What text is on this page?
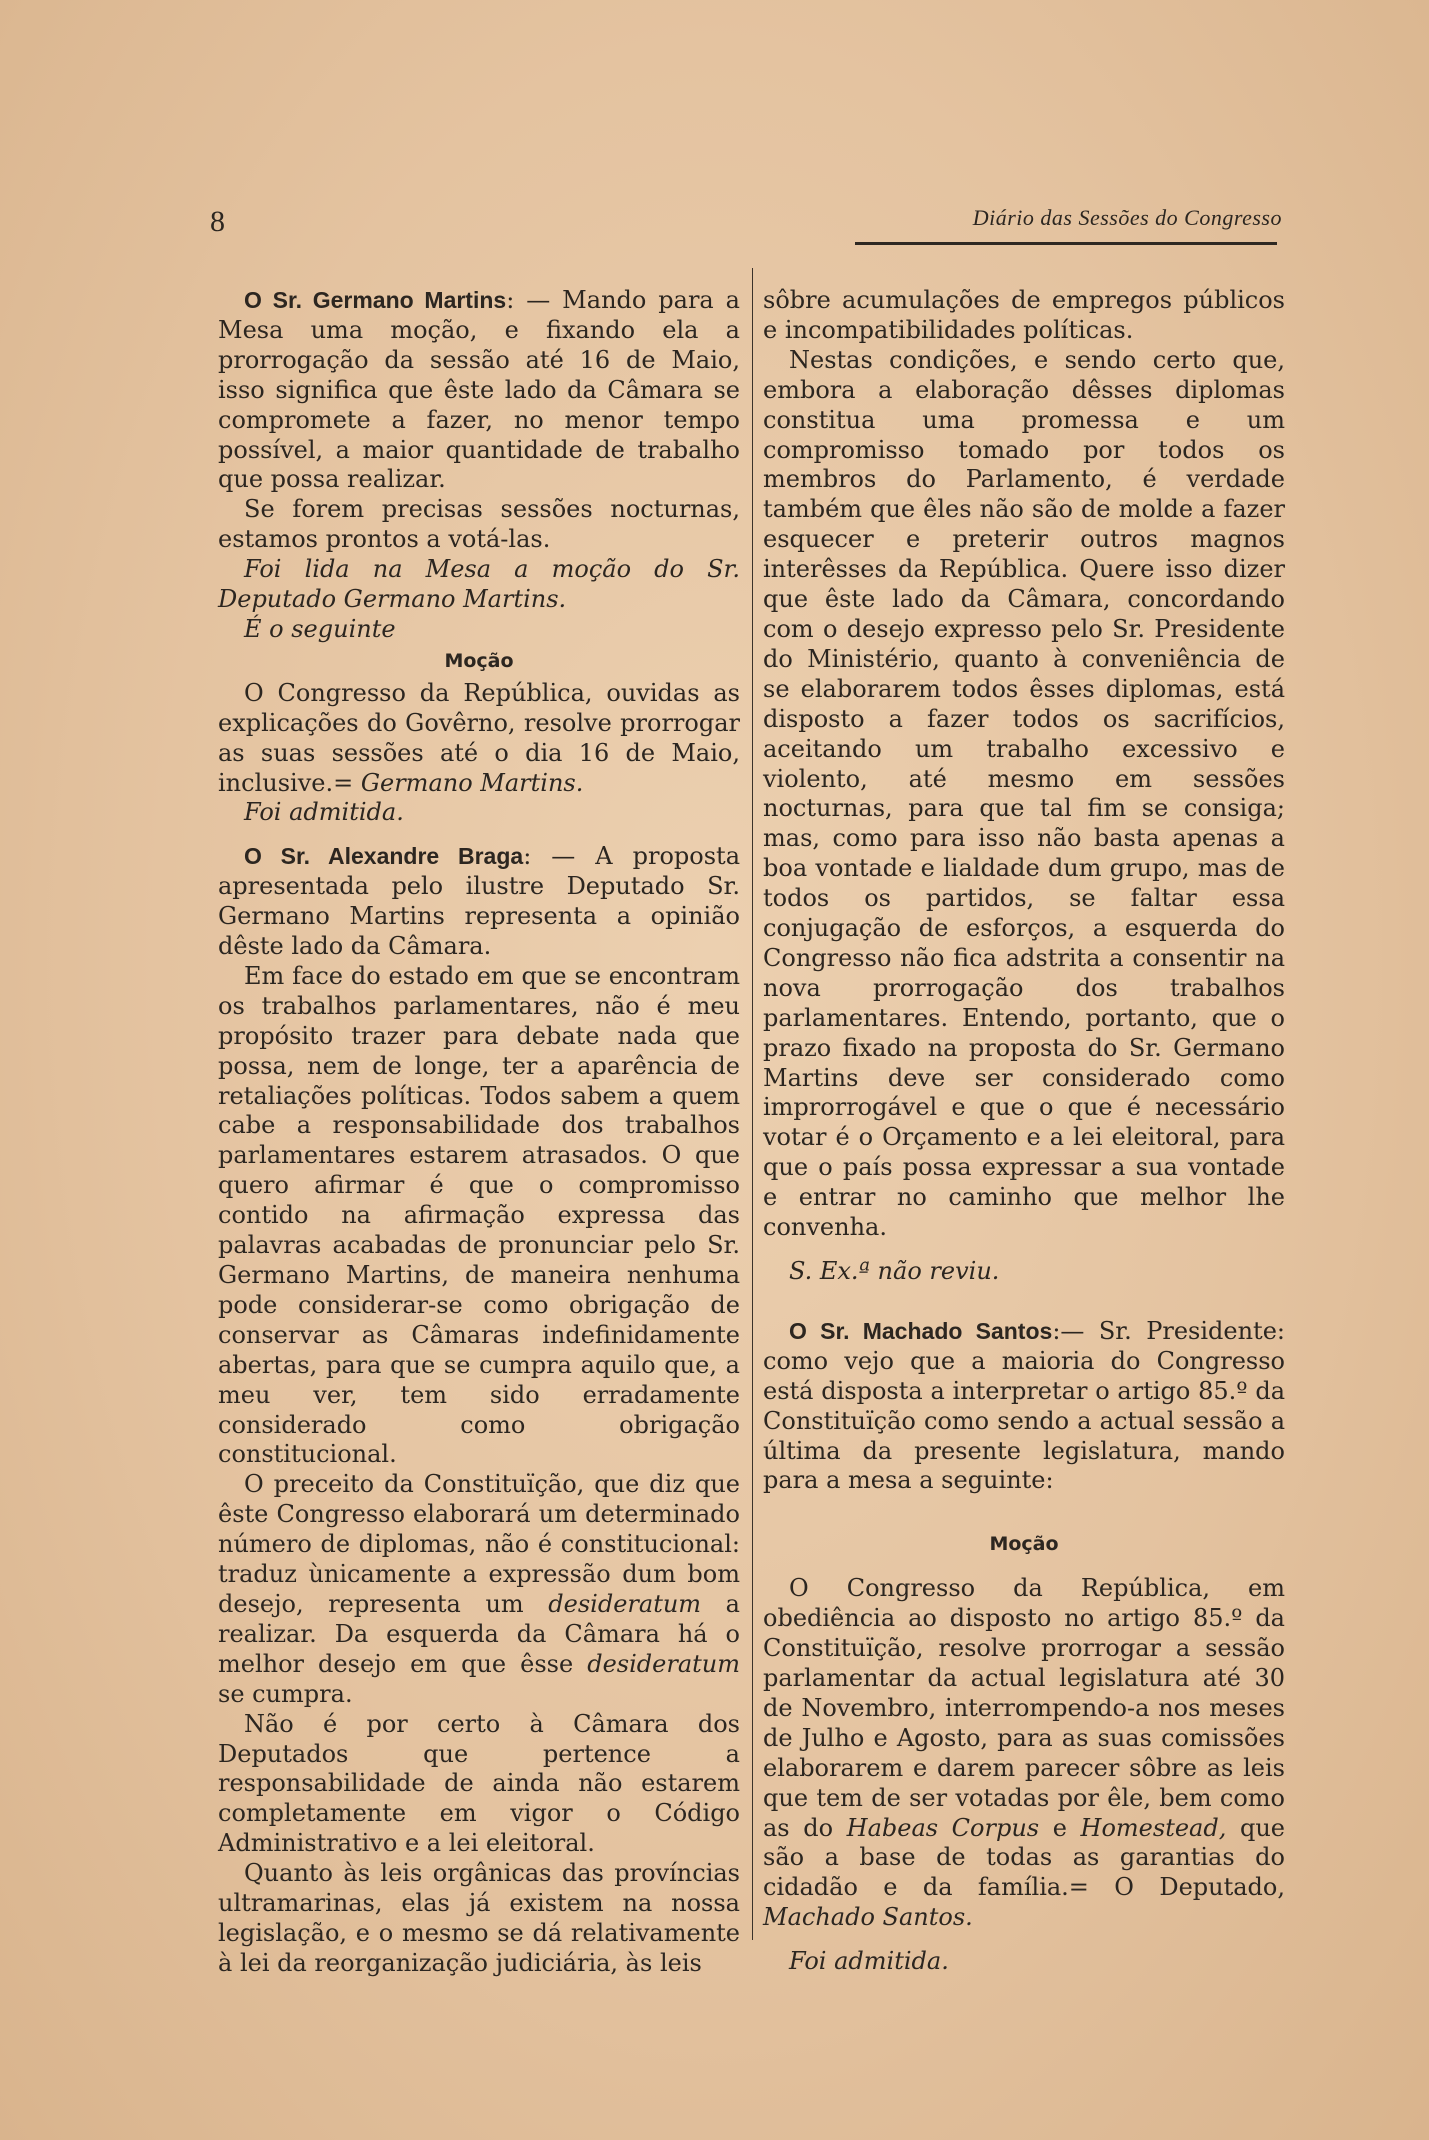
8	Diário das Sessões do Congresso

O Sr. Germano Martins: — Mando para a Mesa uma moção, e fixando ela a prorrogação da sessão até 16 de Maio, isso significa que êste lado da Câmara se compromete a fazer, no menor tempo possível, a maior quantidade de trabalho que possa realizar.

Se forem precisas sessões nocturnas, estamos prontos a votá-las.

Foi lida na Mesa a moção do Sr. Deputado Germano Martins.

É o seguinte

Moção

O Congresso da República, ouvidas as explicações do Govêrno, resolve prorrogar as suas sessões até o dia 16 de Maio, inclusive.= Germano Martins.

Foi admitida.

O Sr. Alexandre Braga: — A proposta apresentada pelo ilustre Deputado Sr. Germano Martins representa a opinião dêste lado da Câmara.

Em face do estado em que se encontram os trabalhos parlamentares, não é meu propósito trazer para debate nada que possa, nem de longe, ter a aparência de retaliações políticas. Todos sabem a quem cabe a responsabilidade dos trabalhos parlamentares estarem atrasados. O que quero afirmar é que o compromisso contido na afirmação expressa das palavras acabadas de pronunciar pelo Sr. Germano Martins, de maneira nenhuma pode considerar-se como obrigação de conservar as Câmaras indefinidamente abertas, para que se cumpra aquilo que, a meu ver, tem sido erradamente considerado como obrigação constitucional.

O preceito da Constituïção, que diz que êste Congresso elaborará um determinado número de diplomas, não é constitucional: traduz ùnicamente a expressão dum bom desejo, representa um desideratum a realizar. Da esquerda da Câmara há o melhor desejo em que êsse desideratum se cumpra.

Não é por certo à Câmara dos Deputados que pertence a responsabilidade de ainda não estarem completamente em vigor o Código Administrativo e a lei eleitoral.

Quanto às leis orgânicas das províncias ultramarinas, elas já existem na nossa legislação, e o mesmo se dá relativamente à lei da reorganização judiciária, às leis

sôbre acumulações de empregos públicos e incompatibilidades políticas.

Nestas condições, e sendo certo que, embora a elaboração dêsses diplomas constitua uma promessa e um compromisso tomado por todos os membros do Parlamento, é verdade também que êles não são de molde a fazer esquecer e preterir outros magnos interêsses da República. Quere isso dizer que êste lado da Câmara, concordando com o desejo expresso pelo Sr. Presidente do Ministério, quanto à conveniência de se elaborarem todos êsses diplomas, está disposto a fazer todos os sacrifícios, aceitando um trabalho excessivo e violento, até mesmo em sessões nocturnas, para que tal fim se consiga; mas, como para isso não basta apenas a boa vontade e lialdade dum grupo, mas de todos os partidos, se faltar essa conjugação de esforços, a esquerda do Congresso não fica adstrita a consentir na nova prorrogação dos trabalhos parlamentares. Entendo, portanto, que o prazo fixado na proposta do Sr. Germano Martins deve ser considerado como improrrogável e que o que é necessário votar é o Orçamento e a lei eleitoral, para que o país possa expressar a sua vontade e entrar no caminho que melhor lhe convenha.

S. Ex.ª não reviu.

O Sr. Machado Santos:— Sr. Presidente: como vejo que a maioria do Congresso está disposta a interpretar o artigo 85.º da Constituïção como sendo a actual sessão a última da presente legislatura, mando para a mesa a seguinte:

Moção

O Congresso da República, em obediência ao disposto no artigo 85.º da Constituïção, resolve prorrogar a sessão parlamentar da actual legislatura até 30 de Novembro, interrompendo-a nos meses de Julho e Agosto, para as suas comissões elaborarem e darem parecer sôbre as leis que tem de ser votadas por êle, bem como as do Habeas Corpus e Homestead, que são a base de todas as garantias do cidadão e da família.= O Deputado, Machado Santos.

Foi admitida.
